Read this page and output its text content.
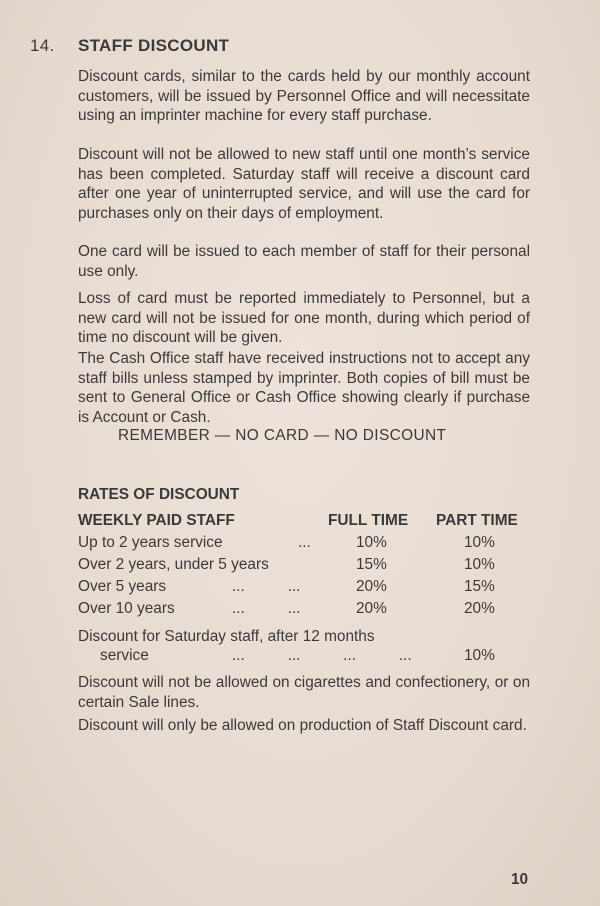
14. STAFF DISCOUNT

Discount cards, similar to the cards held by our monthly account customers, will be issued by Personnel Office and will necessitate using an imprinter machine for every staff purchase.

Discount will not be allowed to new staff until one month’s service has been completed. Saturday staff will receive a discount card after one year of uninterrupted service, and will use the card for purchases only on their days of employment.

One card will be issued to each member of staff for their personal use only.

Loss of card must be reported immediately to Personnel, but a new card will not be issued for one month, during which period of time no discount will be given.

The Cash Office staff have received instructions not to accept any staff bills unless stamped by imprinter. Both copies of bill must be sent to General Office or Cash Office showing clearly if purchase is Account or Cash.

REMEMBER — NO CARD — NO DISCOUNT
RATES OF DISCOUNT
WEEKLY PAID STAFF	FULL TIME PART TIME
Up to 2 years service	...	10%	10%
Over 2 years, under 5 years	15%	10%
Over 5 years	...          ...	20%	15%
Over 10 years	...          ...	20%	20%
Discount for Saturday staff, after 12 months
service	...          ...          ...          ...	10%

Discount will not be allowed on cigarettes and confectionery, or on certain Sale lines.

Discount will only be allowed on production of Staff Discount card.

10
